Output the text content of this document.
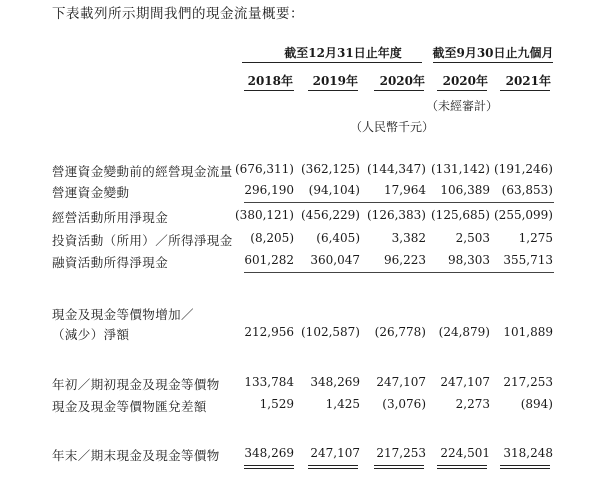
下表載列所示期間我們的現金流量概要：
截至12月31日止年度	截至9月30日止九個月
2018年	2019年	2020年	2020年	2021年
（未經審計）
（人民幣千元）
營運資金變動前的經營現金流量 (676,311) (362,125) (144,347) (131,142) (191,246)
營運資金變動	296,190	(94,104)	17,964	106,389 (63,853)
經營活動所用淨現金	(380,121) (456,229) (126,383) (125,685) (255,099)
投資活動（所用）／所得淨現金	(8,205)	(6,405)	3,382	2,503	1,275
融資活動所得淨現金	601,282	360,047	96,223	98,303	355,713
現金及現金等價物增加／
（減少）淨額	212,956 (102,587)	(26,778)	(24,879)	101,889
年初／期初現金及現金等價物	133,784	348,269	247,107	247,107	217,253
現金及現金等價物匯兌差額	1,529	1,425	(3,076)	2,273	(894)
年末／期末現金及現金等價物	348,269	247,107	217,253	224,501	318,248
